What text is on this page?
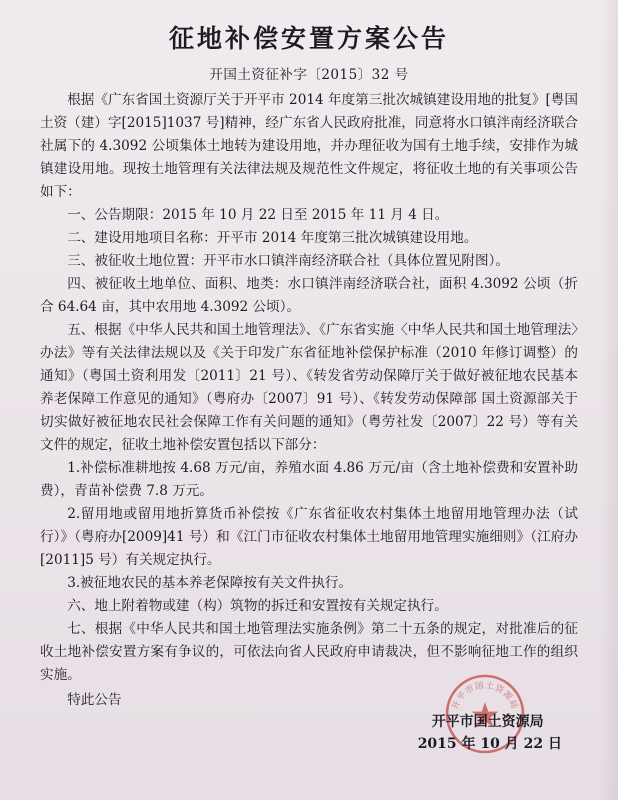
征地补偿安置方案公告
开国土资征补字〔2015〕32 号

根据《广东省国土资源厅关于开平市 2014 年度第三批次城镇建设用地的批复》[粤国土资（建）字[2015]1037 号]精神，经广东省人民政府批准，同意将水口镇泮南经济联合社属下的 4.3092 公顷集体土地转为建设用地，并办理征收为国有土地手续，安排作为城镇建设用地。现按土地管理有关法律法规及规范性文件规定，将征收土地的有关事项公告如下：

一、公告期限：2015 年 10 月 22 日至 2015 年 11 月 4 日。

二、建设用地项目名称：开平市 2014 年度第三批次城镇建设用地。

三、被征收土地位置：开平市水口镇泮南经济联合社（具体位置见附图）。

四、被征收土地单位、面积、地类：水口镇泮南经济联合社，面积 4.3092 公顷（折合 64.64 亩，其中农用地 4.3092 公顷）。

五、根据《中华人民共和国土地管理法》、《广东省实施〈中华人民共和国土地管理法〉办法》等有关法律法规以及《关于印发广东省征地补偿保护标准（2010 年修订调整）的通知》（粤国土资利用发〔2011〕21 号）、《转发省劳动保障厅关于做好被征地农民基本养老保障工作意见的通知》（粤府办〔2007〕91 号）、《转发劳动保障部 国土资源部关于切实做好被征地农民社会保障工作有关问题的通知》（粤劳社发〔2007〕22 号）等有关文件的规定，征收土地补偿安置包括以下部分：

1.补偿标准耕地按 4.68 万元/亩，养殖水面 4.86 万元/亩（含土地补偿费和安置补助费），青苗补偿费 7.8 万元。

2.留用地或留用地折算货币补偿按《广东省征收农村集体土地留用地管理办法（试行）》（粤府办[2009]41 号）和《江门市征收农村集体土地留用地管理实施细则》（江府办[2011]5 号）有关规定执行。

3.被征地农民的基本养老保障按有关文件执行。

六、地上附着物或建（构）筑物的拆迁和安置按有关规定执行。

七、根据《中华人民共和国土地管理法实施条例》第二十五条的规定，对批准后的征收土地补偿安置方案有争议的，可依法向省人民政府申请裁决，但不影响征地工作的组织实施。

特此公告	开平市国土资源局
开平市国土资源局
2015 年 10 月 22 日
